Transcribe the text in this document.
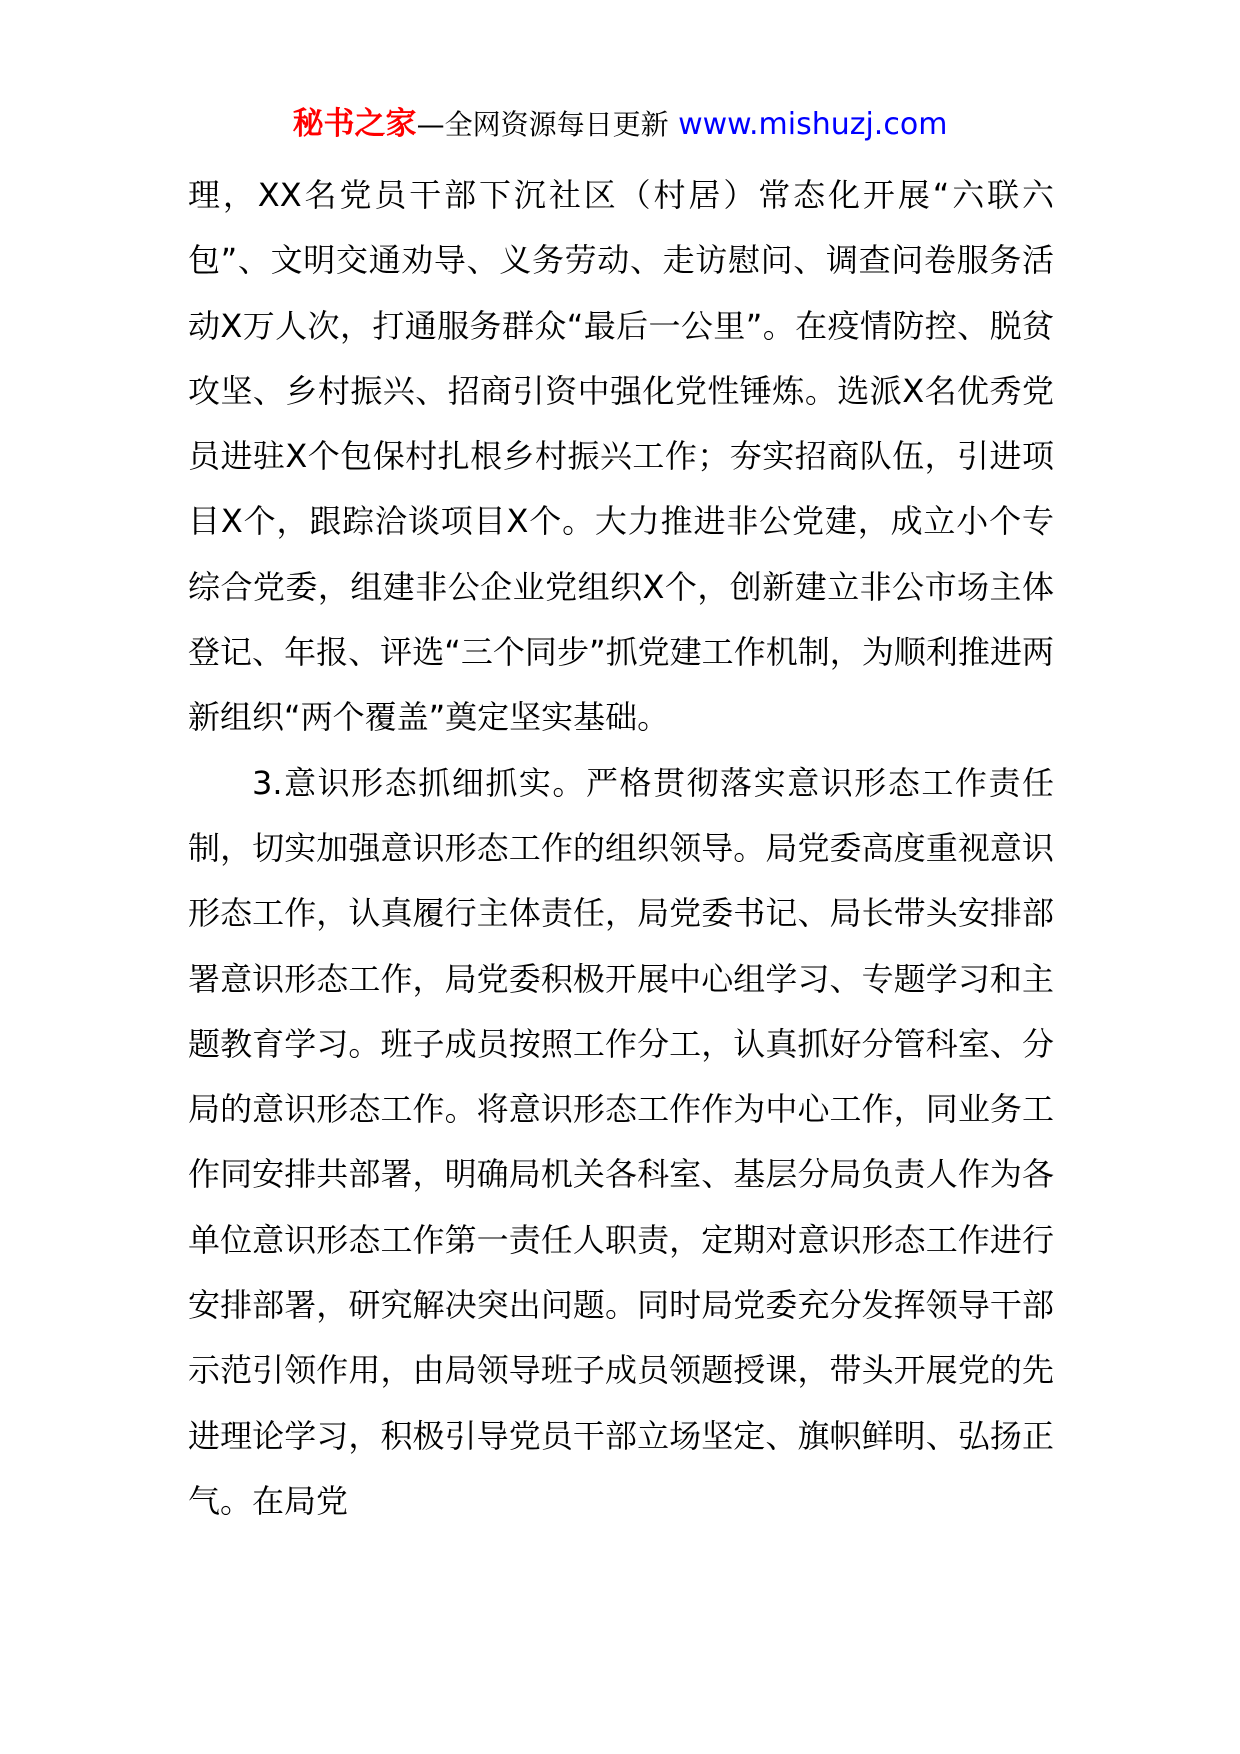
秘书之家—全网资源每日更新 www.mishuzj.com

理，XX名党员干部下沉社区（村居）常态化开展“六联六包”、文明交通劝导、义务劳动、走访慰问、调查问卷服务活动X万人次，打通服务群众“最后一公里”。在疫情防控、脱贫攻坚、乡村振兴、招商引资中强化党性锤炼。选派X名优秀党员进驻X个包保村扎根乡村振兴工作；夯实招商队伍，引进项目X个，跟踪洽谈项目X个。大力推进非公党建，成立小个专综合党委，组建非公企业党组织X个，创新建立非公市场主体登记、年报、评选“三个同步”抓党建工作机制，为顺利推进两新组织“两个覆盖”奠定坚实基础。

3.意识形态抓细抓实。严格贯彻落实意识形态工作责任制，切实加强意识形态工作的组织领导。局党委高度重视意识形态工作，认真履行主体责任，局党委书记、局长带头安排部署意识形态工作，局党委积极开展中心组学习、专题学习和主题教育学习。班子成员按照工作分工，认真抓好分管科室、分局的意识形态工作。将意识形态工作作为中心工作，同业务工作同安排共部署，明确局机关各科室、基层分局负责人作为各单位意识形态工作第一责任人职责，定期对意识形态工作进行安排部署，研究解决突出问题。同时局党委充分发挥领导干部示范引领作用，由局领导班子成员领题授课，带头开展党的先进理论学习，积极引导党员干部立场坚定、旗帜鲜明、弘扬正气。在局党
